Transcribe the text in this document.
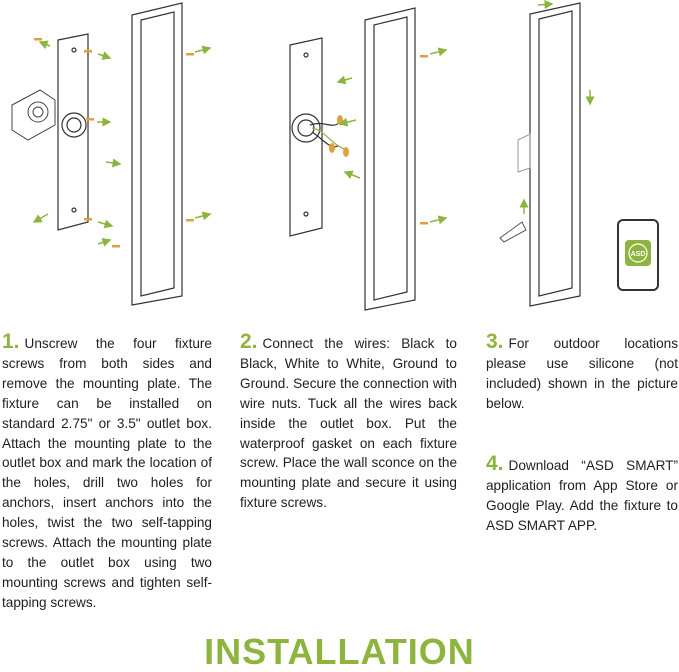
ASD
1. Unscrew the four fixture screws from both sides and remove the mounting plate. The fixture can be installed on standard 2.75" or 3.5" outlet box. Attach the mounting plate to the outlet box and mark the location of the holes, drill two holes for anchors, insert anchors into the holes, twist the two self-tapping screws. Attach the mounting plate to the outlet box using two mounting screws and tighten self-tapping screws.
2. Connect the wires: Black to Black, White to White, Ground to Ground. Secure the connection with wire nuts. Tuck all the wires back inside the outlet box. Put the waterproof gasket on each fixture screw. Place the wall sconce on the mounting plate and secure it using fixture screws.
3. For outdoor locations please use silicone (not included) shown in the picture below.
4. Download “ASD SMART” application from App Store or Google Play. Add the fixture to ASD SMART APP.
INSTALLATION
